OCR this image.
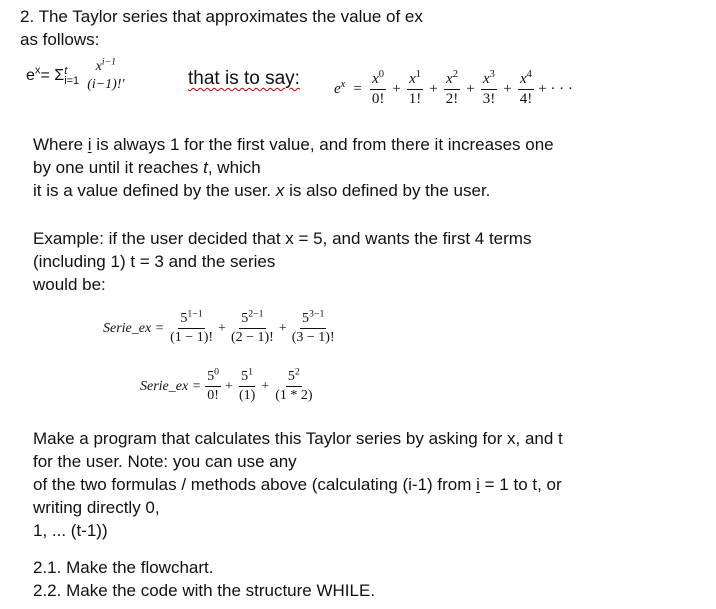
2. The Taylor series that approximates the value of ex
as follows:
$e^x = \Sigma$ t
i=1
$x^{i-1}$
(i−1)!'	that is to say:
$e^x = \frac{x^0}{0!} + \frac{x^1}{1!} + \frac{x^2}{2!} + \frac{x^3}{3!} + \frac{x^4}{4!}$ + · · ·
Where i is always 1 for the first value, and from there it increases one
by one until it reaches t, which
it is a value defined by the user. x is also defined by the user.
Example: if the user decided that x = 5, and wants the first 4 terms
(including 1) t = 3 and the series
would be:
Serie_ex = $\frac{5^{1-1}}{(1 - 1)!} + \frac{5^{2-1}}{(2 - 1)!} + \frac{5^{3-1}}{(3 - 1)!}$
Serie_ex = $\frac{5^0}{0!} + \frac{5^1}{(1)} + \frac{5^2}{(1 * 2)}$
Make a program that calculates this Taylor series by asking for x, and t
for the user. Note: you can use any
of the two formulas / methods above (calculating (i-1) from i = 1 to t, or
writing directly 0,
1, ... (t-1))
2.1. Make the flowchart.
2.2. Make the code with the structure WHILE.
